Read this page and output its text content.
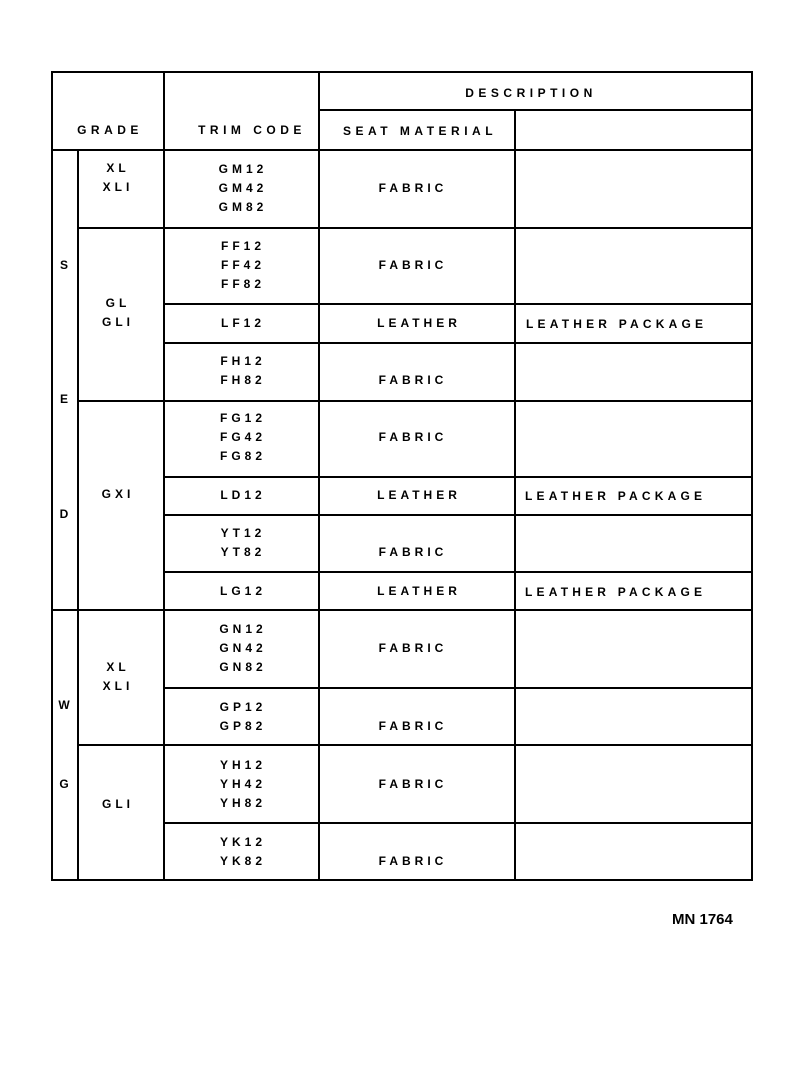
DESCRIPTION
GRADE	TRIM CODE	SEAT MATERIAL
S
E
D
W
G
XL
XLI
GL
GLI
GXI
XL
XLI
GLI
GM12
GM42
GM82
FF12
FF42
FF82
LF12
FH12
FH82
FG12
FG42
FG82
LD12
YT12
YT82
LG12
GN12
GN42
GN82
GP12
GP82
YH12
YH42
YH82
YK12
YK82
FABRIC
FABRIC
LEATHER
FABRIC
FABRIC
LEATHER
FABRIC
LEATHER
FABRIC
FABRIC
FABRIC
FABRIC
LEATHER PACKAGE
LEATHER PACKAGE
LEATHER PACKAGE
MN 1764
